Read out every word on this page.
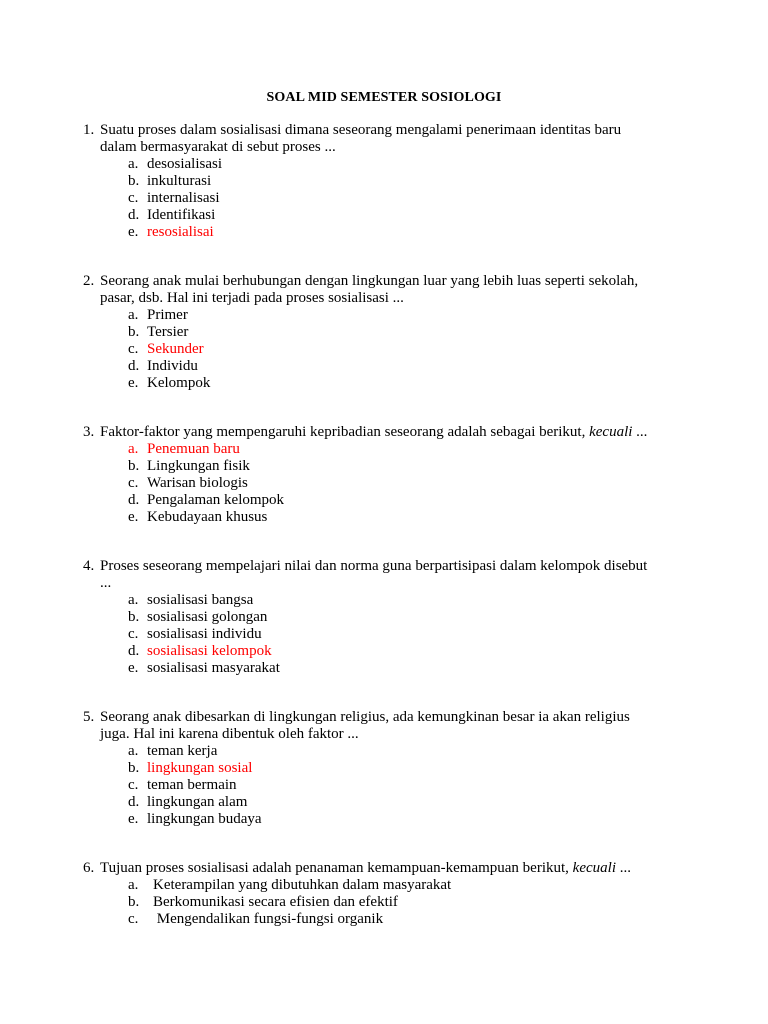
SOAL MID SEMESTER SOSIOLOGI
1. Suatu proses dalam sosialisasi dimana seseorang mengalami penerimaan identitas baru
dalam bermasyarakat di sebut proses ...
a. desosialisasi
b. inkulturasi
c. internalisasi
d. Identifikasi
e. resosialisai
2. Seorang anak mulai berhubungan dengan lingkungan luar yang lebih luas seperti sekolah,
pasar, dsb. Hal ini terjadi pada proses sosialisasi ...
a. Primer
b. Tersier
c. Sekunder
d. Individu
e. Kelompok
3. Faktor-faktor yang mempengaruhi kepribadian seseorang adalah sebagai berikut, kecuali ...
a. Penemuan baru
b. Lingkungan fisik
c. Warisan biologis
d. Pengalaman kelompok
e. Kebudayaan khusus
4. Proses seseorang mempelajari nilai dan norma guna berpartisipasi dalam kelompok disebut
...
a. sosialisasi bangsa
b. sosialisasi golongan
c. sosialisasi individu
d. sosialisasi kelompok
e. sosialisasi masyarakat
5. Seorang anak dibesarkan di lingkungan religius, ada kemungkinan besar ia akan religius
juga. Hal ini karena dibentuk oleh faktor ...
a. teman kerja
b. lingkungan sosial
c. teman bermain
d. lingkungan alam
e. lingkungan budaya
6. Tujuan proses sosialisasi adalah penanaman kemampuan-kemampuan berikut, kecuali ...
a. Keterampilan yang dibutuhkan dalam masyarakat
b. Berkomunikasi secara efisien dan efektif
c. Mengendalikan fungsi-fungsi organik
